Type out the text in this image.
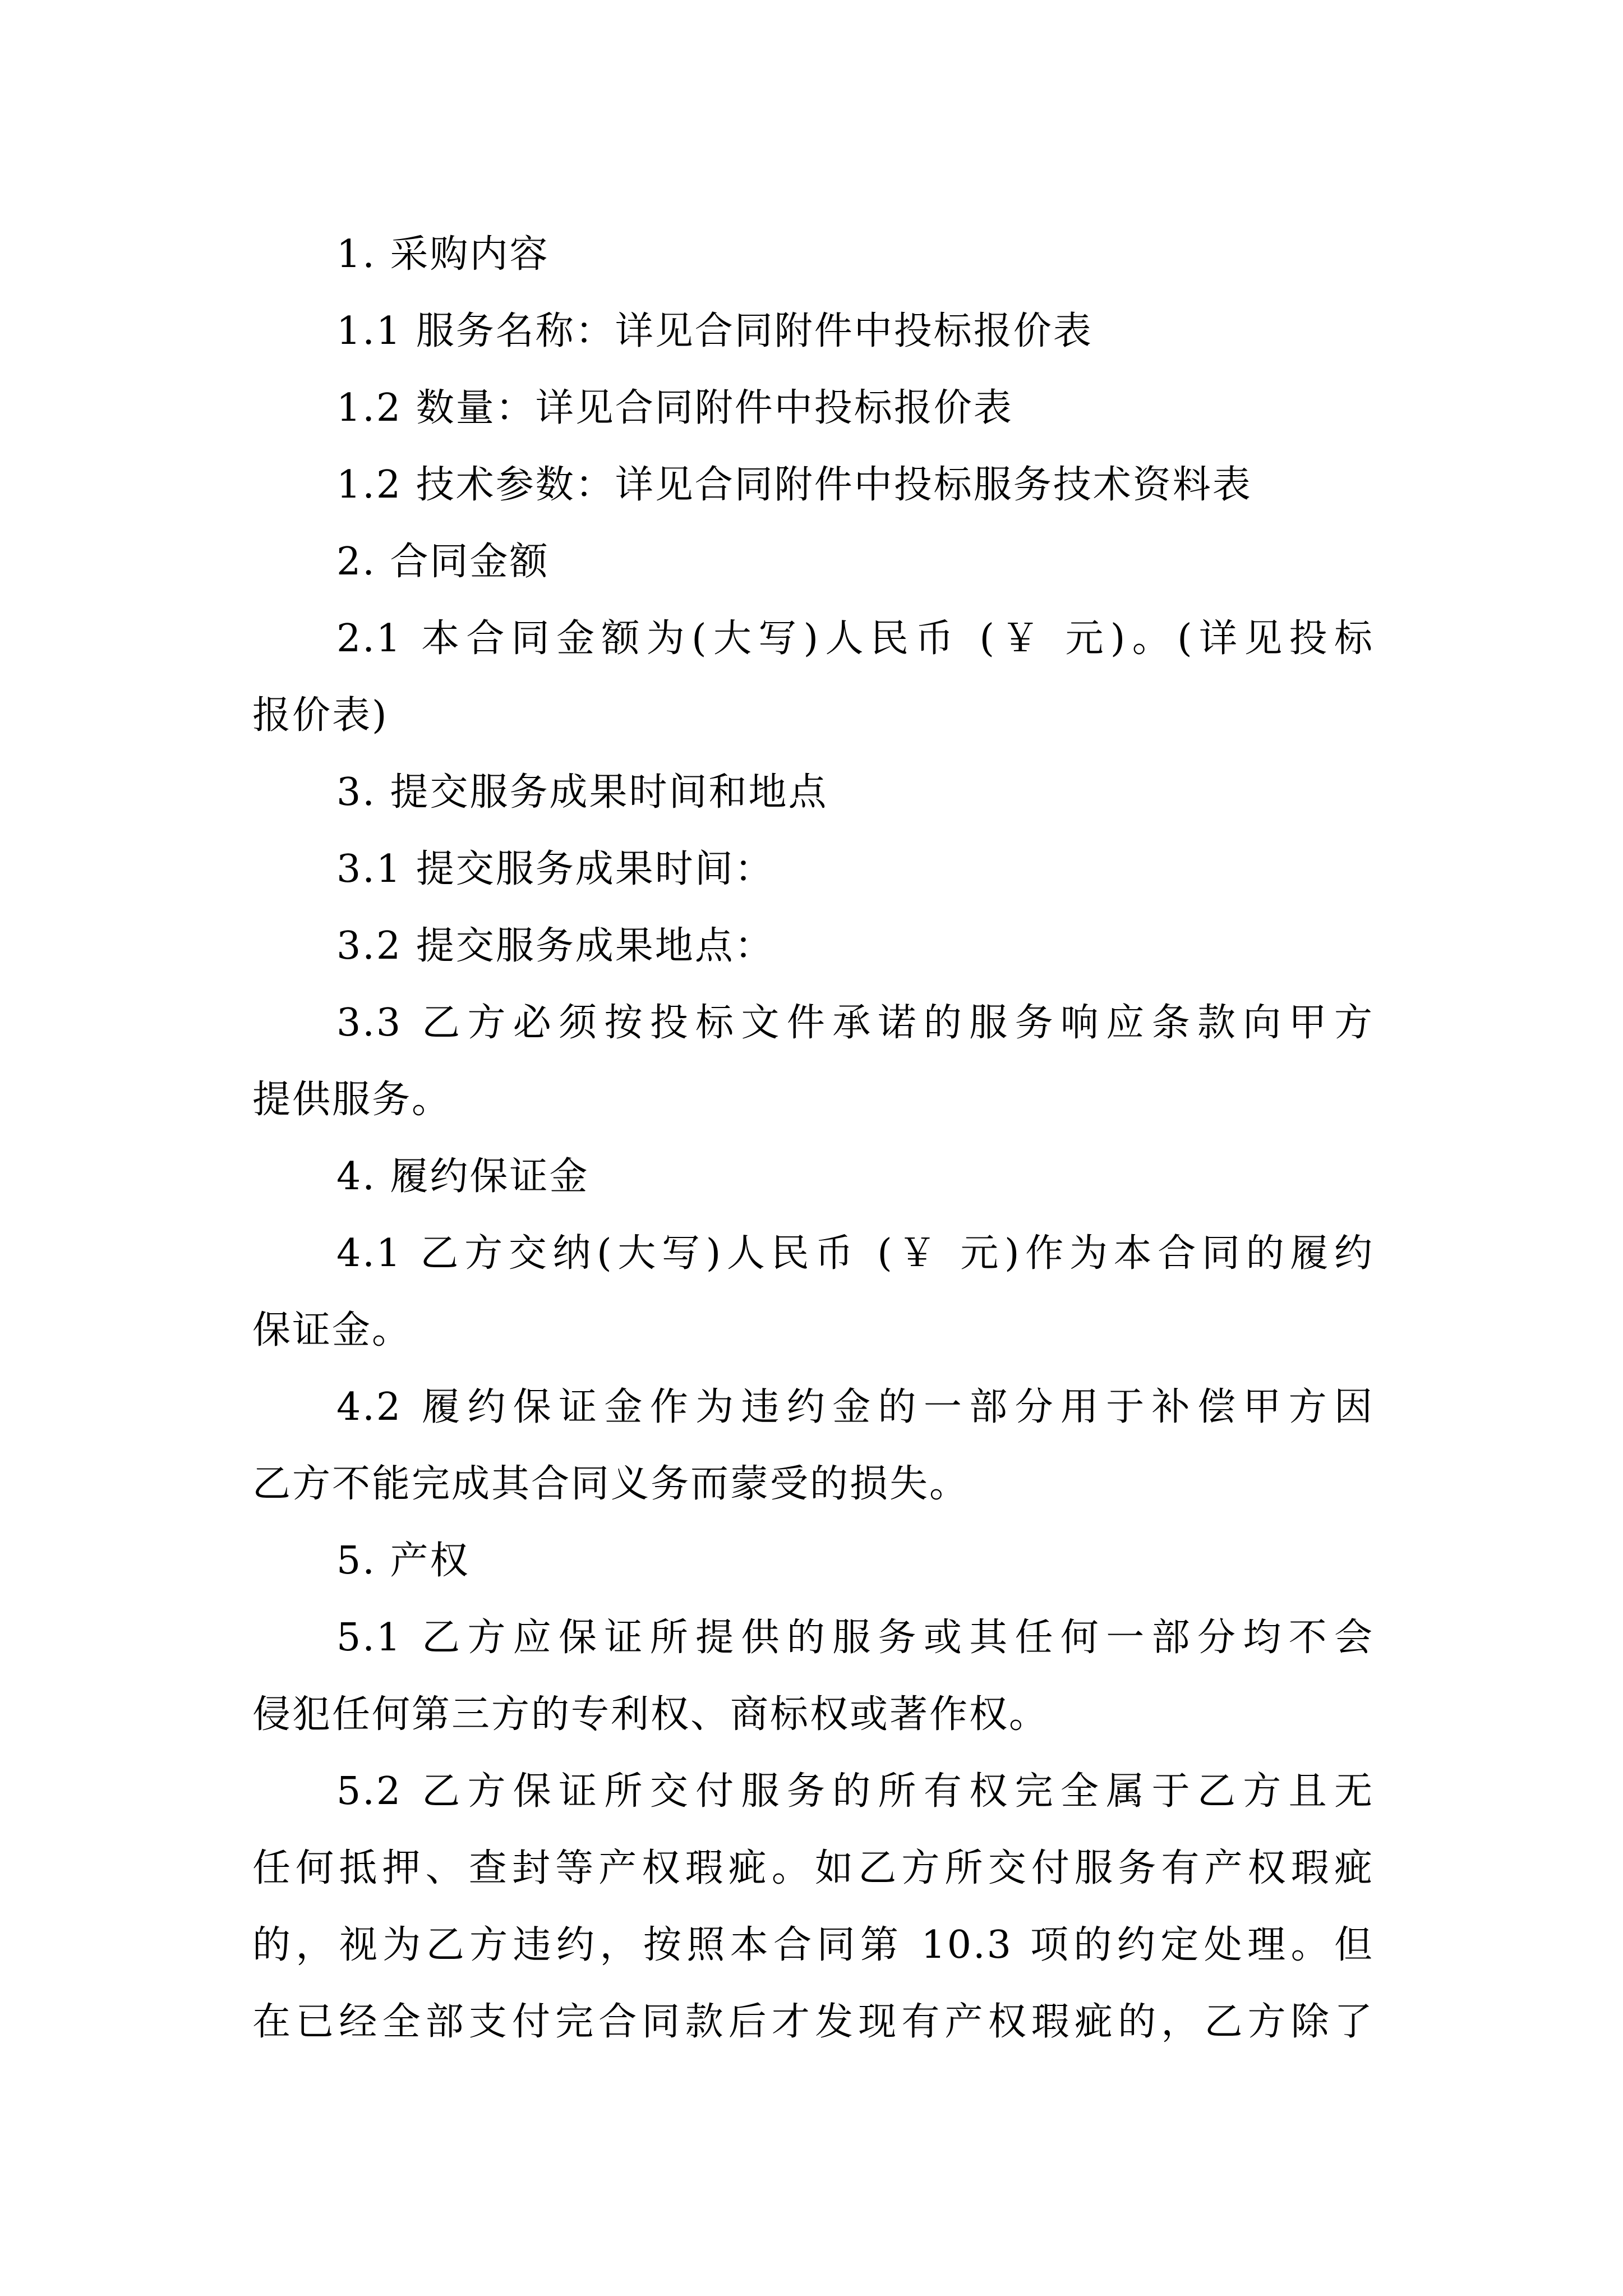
1. 采购内容
1.1 服务名称：详见合同附件中投标报价表
1.2 数量：详见合同附件中投标报价表
1.2 技术参数：详见合同附件中投标服务技术资料表
2. 合同金额
2.1 本合同金额为(大写)人民币 (￥ 元)。(详见投标
报价表)
3. 提交服务成果时间和地点
3.1 提交服务成果时间：
3.2 提交服务成果地点：
3.3 乙方必须按投标文件承诺的服务响应条款向甲方
提供服务。
4. 履约保证金
4.1 乙方交纳(大写)人民币 (￥ 元)作为本合同的履约
保证金。
4.2 履约保证金作为违约金的一部分用于补偿甲方因
乙方不能完成其合同义务而蒙受的损失。
5. 产权
5.1 乙方应保证所提供的服务或其任何一部分均不会
侵犯任何第三方的专利权、商标权或著作权。
5.2 乙方保证所交付服务的所有权完全属于乙方且无
任何抵押、查封等产权瑕疵。如乙方所交付服务有产权瑕疵
的，视为乙方违约，按照本合同第 10.3 项的约定处理。但
在已经全部支付完合同款后才发现有产权瑕疵的，乙方除了
